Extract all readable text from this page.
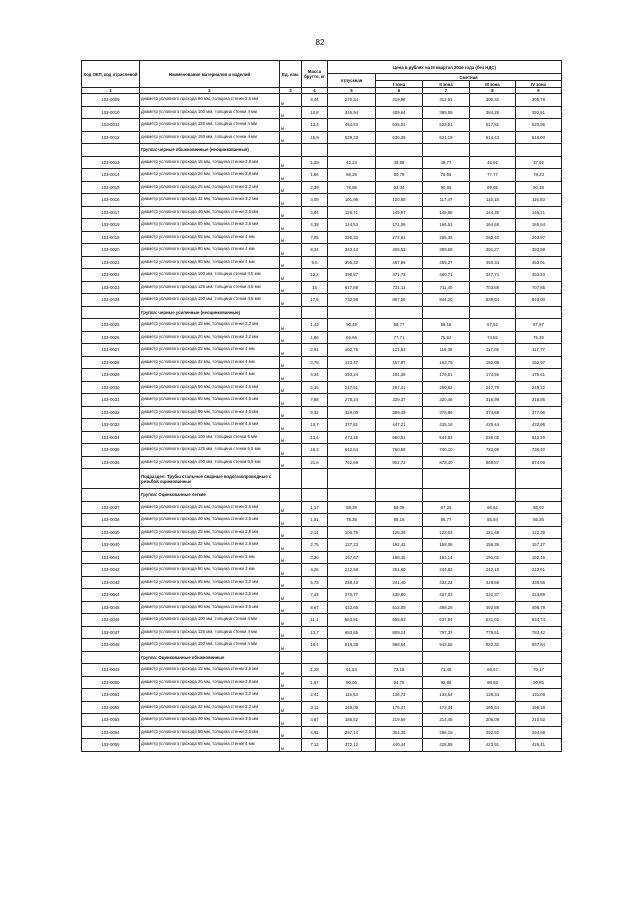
82
Код ОКП, код отраслевой	Наименование материалов и изделий	Ед. изм.	Масса брутто, кг	Цена в рублях на III квартал 2016 года (без НДС)				
				отпускная	Сметная			
					I зона	II зона	III зона	IV зона
1	2	3	4	5	6	7	8	9
103-0009	диаметр условного прохода 90 мм, толщина стенки 2,5 мм	м	8,44	270,34	319,98	312,51	300,32	305,78
103-0010	диаметр условного прохода 100 мм, толщина стенки 4 мм	м	10,8	345,94	409,64	399,55	384,29	392,51
103-0011	диаметр условного прохода 125 мм, толщина стенки 4 мм	м	13,4	454,53	535,01	523,51	517,81	520,85
103-0012	диаметр условного прохода 150 мм, толщина стенки 4 мм	м	15,9	539,33	636,35	621,19	614,43	618,03
	Группа: черные обыкновенные (неоцинкованные)							
103-0013	диаметр условного прохода 15 мм, толщина стенки 2,8 мм	м	1,28	42,24	49,98	48,77	46,91	47,92
103-0014	диаметр условного прохода 20 мм, толщина стенки 2,8 мм	м	1,66	68,26	80,79	78,65	77,77	78,23
103-0015	диаметр условного прохода 25 мм, толщина стенки 3,2 мм	м	2,39	78,86	93,34	90,86	89,65	90,38
103-0016	диаметр условного прохода 32 мм, толщина стенки 3,2 мм	м	3,09	101,96	120,68	117,47	116,18	116,83
103-0017	диаметр условного прохода 40 мм, толщина стенки 3,5 мм	м	3,84	126,71	149,97	145,98	144,35	145,21
103-0018	диаметр условного прохода 50 мм, толщина стенки 3,5 мм	м	4,38	144,53	171,06	166,51	164,65	165,64
103-0019	диаметр условного прохода 65 мм, толщина стенки 4 мм	м	7,05	230,32	272,61	265,36	262,40	263,97
103-0020	диаметр условного прохода 80 мм, толщина стенки 4 мм	м	8,34	343,44	406,53	395,68	391,27	393,59
103-0021	диаметр условного прохода 90 мм, толщина стенки 4 мм	м	9,5	395,32	467,89	455,27	450,34	453,01
103-0022	диаметр условного прохода 100 мм, толщина стенки 4,5 мм	м	12,2	398,57	471,73	460,71	447,74	453,23
103-0023	диаметр условного прохода 125 мм, толщина стенки 4,5 мм	м	15	617,89	731,11	711,40	703,69	707,85
103-0024	диаметр условного прохода 150 мм, толщина стенки 4,5 мм	м	17,8	732,98	867,55	844,20	835,04	840,00
	Группа: черные усиленные (неоцинкованные)							
103-0025	диаметр условного прохода 15 мм, толщина стенки 3,2 мм	м	1,43	50,49	59,77	58,18	57,52	57,87
103-0026	диаметр условного прохода 20 мм, толщина стенки 3,2 мм	м	1,86	65,66	77,71	75,62	74,82	75,25
103-0027	диаметр условного прохода 25 мм, толщина стенки 4 мм	м	2,91	102,75	121,62	118,36	117,05	117,77
103-0028	диаметр условного прохода 32 мм, толщина стенки 4 мм	м	3,78	133,47	157,97	153,76	152,08	152,97
103-0029	диаметр условного прохода 40 мм, толщина стенки 4 мм	м	4,34	153,24	181,38	176,51	174,56	175,61
103-0030	диаметр условного прохода 50 мм, толщина стенки 4,5 мм	м	6,16	217,51	257,41	250,52	247,79	249,22
103-0031	диаметр условного прохода 65 мм, толщина стенки 4,5 мм	м	7,88	278,24	329,37	320,46	316,99	318,85
103-0032	диаметр условного прохода 80 мм, толщина стенки 4,5 мм	м	9,32	329,09	389,49	378,99	374,68	377,06
103-0033	диаметр условного прохода 90 мм, толщина стенки 4,5 мм	м	10,7	377,81	447,21	435,16	430,44	432,96
103-0034	диаметр условного прохода 100 мм, толщина стенки 5 мм	м	13,4	473,15	560,01	544,92	539,05	542,20
103-0035	диаметр условного прохода 125 мм, толщина стенки 5,5 мм	м	18,2	642,64	760,58	740,10	732,09	736,40
103-0036	диаметр условного прохода 150 мм, толщина стенки 5,5 мм	м	21,6	762,69	902,72	878,40	868,87	874,00
	Подраздел: Трубы стальные сварные водогазопроводные с резьбой оцинкованные							
	Группа: Оцинкованные легкие							
103-0037	диаметр условного прохода 15 мм, толщина стенки 2,5 мм	м	1,17	58,39	69,09	67,25	66,52	66,92
103-0038	диаметр условного прохода 20 мм, толщина стенки 2,5 мм	м	1,51	75,35	89,18	86,77	85,84	86,36
103-0039	диаметр условного прохода 25 мм, толщина стенки 2,8 мм	м	2,14	106,79	126,39	123,02	121,68	122,39
103-0040	диаметр условного прохода 32 мм, толщина стенки 2,8 мм	м	2,75	137,23	162,42	158,06	156,35	157,27
103-0041	диаметр условного прохода 40 мм, толщина стенки 3 мм	м	3,36	167,67	198,45	193,14	191,02	192,16
103-0042	диаметр условного прохода 50 мм, толщина стенки 3 мм	м	4,26	212,58	251,60	244,82	242,19	243,61
103-0043	диаметр условного прохода 65 мм, толщина стенки 3,2 мм	м	5,78	288,43	341,40	332,22	328,59	330,56
103-0044	диаметр условного прохода 80 мм, толщина стенки 3,5 мм	м	7,43	370,77	438,80	427,02	422,37	424,89
103-0045	диаметр условного прохода 90 мм, толщина стенки 3,5 мм	м	8,67	432,65	512,09	498,29	492,88	495,79
103-0046	диаметр условного прохода 100 мм, толщина стенки 4 мм	м	11,1	553,91	655,63	637,94	631,02	634,74
103-0047	диаметр условного прохода 125 мм, толщина стенки 4 мм	м	13,7	683,66	809,14	787,37	778,61	783,42
103-0048	диаметр условного прохода 150 мм, толщина стенки 4 мм	м	16,4	818,39	968,64	942,55	932,32	937,84
	Группа: Оцинкованные обыкновенные							
103-0049	диаметр условного прохода 15 мм, толщина стенки 2,8 мм	м	1,28	61,84	73,19	71,45	69,67	70,17
103-0050	диаметр условного прохода 20 мм, толщина стенки 2,8 мм	м	1,67	80,06	94,76	92,98	88,93	90,85
103-0051	диаметр условного прохода 25 мм, толщина стенки 3,2 мм	м	2,41	115,53	136,73	133,54	128,34	131,09
103-0052	диаметр условного прохода 32 мм, толщина стенки 3,2 мм	м	3,11	149,09	176,47	172,34	165,64	169,18
103-0053	диаметр условного прохода 40 мм, толщина стенки 3,5 мм	м	3,87	185,52	219,59	214,45	206,09	210,52
103-0054	диаметр условного прохода 50 мм, толщина стенки 3,5 мм	м	4,92	257,14	304,35	296,15	292,92	294,68
103-0055	диаметр условного прохода 65 мм, толщина стенки 4 мм	м	7,12	372,12	440,44	428,55	423,91	426,41
